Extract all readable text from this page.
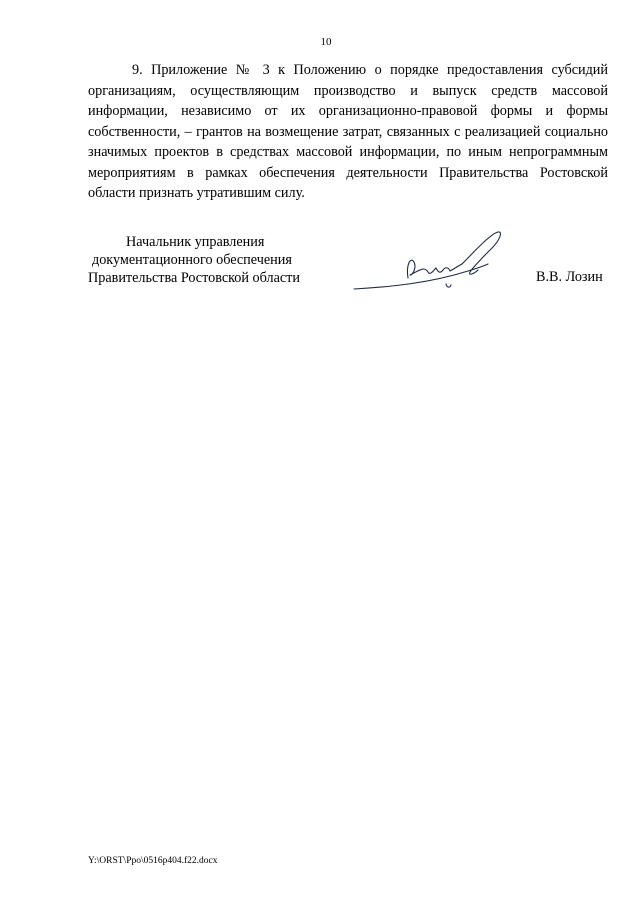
10

9. Приложение № 3 к Положению о порядке предоставления субсидий организациям, осуществляющим производство и выпуск средств массовой информации, независимо от их организационно-правовой формы и формы собственности, – грантов на возмещение затрат, связанных с реализацией социально значимых проектов в средствах массовой информации, по иным непрограммным мероприятиям в рамках обеспечения деятельности Правительства Ростовской области признать утратившим силу.

Начальник управления
документационного обеспечения
Правительства Ростовской области	В.В. Лозин
Y:\ORST\Ppo\0516p404.f22.docx
